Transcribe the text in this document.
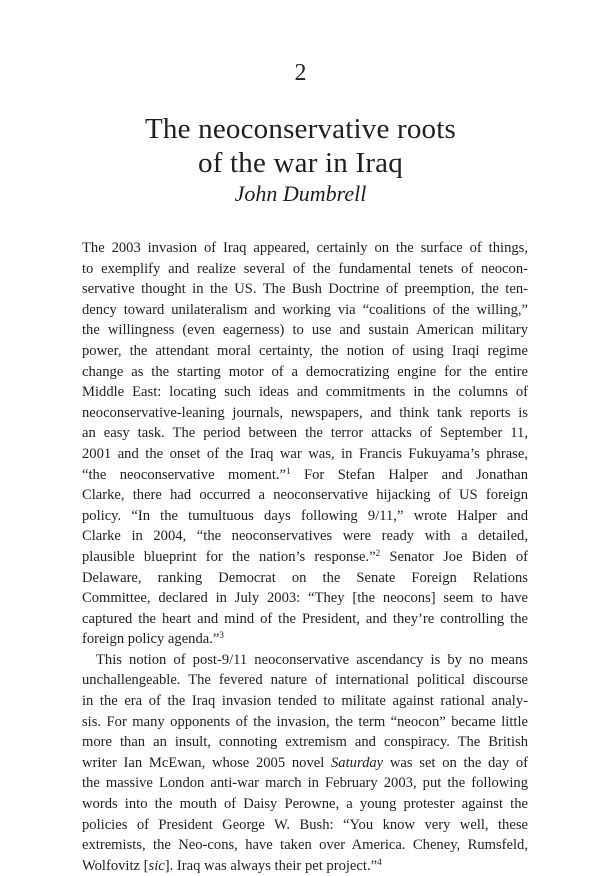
2
The neoconservative roots
of the war in Iraq
John Dumbrell
The 2003 invasion of Iraq appeared, certainly on the surface of things,
to exemplify and realize several of the fundamental tenets of neocon-
servative thought in the US. The Bush Doctrine of preemption, the ten-
dency toward unilateralism and working via “coalitions of the willing,”
the willingness (even eagerness) to use and sustain American military
power, the attendant moral certainty, the notion of using Iraqi regime
change as the starting motor of a democratizing engine for the entire
Middle East: locating such ideas and commitments in the columns of
neoconservative-leaning journals, newspapers, and think tank reports is
an easy task. The period between the terror attacks of September 11,
2001 and the onset of the Iraq war was, in Francis Fukuyama’s phrase,
“the neoconservative moment.”$^1$ For Stefan Halper and Jonathan
Clarke, there had occurred a neoconservative hijacking of US foreign
policy. “In the tumultuous days following 9/11,” wrote Halper and
Clarke in 2004, “the neoconservatives were ready with a detailed,
plausible blueprint for the nation’s response.”$^2$ Senator Joe Biden of
Delaware, ranking Democrat on the Senate Foreign Relations
Committee, declared in July 2003: “They [the neocons] seem to have
captured the heart and mind of the President, and they’re controlling the
foreign policy agenda.”$^3$
This notion of post-9/11 neoconservative ascendancy is by no means
unchallengeable. The fevered nature of international political discourse
in the era of the Iraq invasion tended to militate against rational analy-
sis. For many opponents of the invasion, the term “neocon” became little
more than an insult, connoting extremism and conspiracy. The British
writer Ian McEwan, whose 2005 novel Saturday was set on the day of
the massive London anti-war march in February 2003, put the following
words into the mouth of Daisy Perowne, a young protester against the
policies of President George W. Bush: “You know very well, these
extremists, the Neo-cons, have taken over America. Cheney, Rumsfeld,
Wolfovitz [sic]. Iraq was always their pet project.”$^4$
